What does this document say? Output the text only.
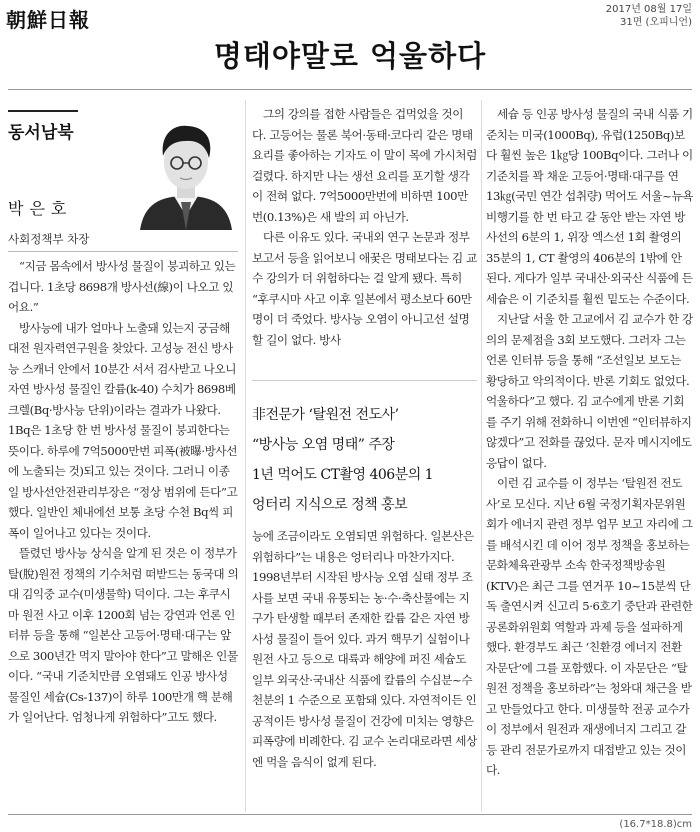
朝鮮日報	2017년 08월 17일
31면 (오피니언)
명태야말로 억울하다
동서남북
박은호
사회정책부 차장

“지금 몸속에서 방사성 물질이 붕괴하고 있는 겁니다. 1초당 8698개 방사선(線)이 나오고 있어요.”

방사능에 내가 얼마나 노출돼 있는지 궁금해 대전 원자력연구원을 찾았다. 고성능 전신 방사능 스캐너 안에서 10분간 서서 검사받고 나오니 자연 방사성 물질인 칼륨(k-40) 수치가 8698베크렐(Bq·방사능 단위)이라는 결과가 나왔다. 1Bq은 1초당 한 번 방사성 물질이 붕괴한다는 뜻이다. 하루에 7억5000만번 피폭(被曝·방사선에 노출되는 것)되고 있는 것이다. 그러니 이종일 방사선안전관리부장은 “정상 범위에 든다”고 했다. 일반인 체내에선 보통 초당 수천 Bq씩 피폭이 일어나고 있다는 것이다.

뜰렸던 방사능 상식을 알게 된 것은 이 정부가 탈(脫)원전 정책의 기수처럼 떠받드는 동국대 의대 김익중 교수(미생물학) 덕이다. 그는 후쿠시마 원전 사고 이후 1200회 넘는 강연과 언론 인터뷰 등을 통해 “일본산 고등어·명태·대구는 앞으로 300년간 먹지 말아야 한다”고 말해온 인물이다. “국내 기준치만큼 오염돼도 인공 방사성 물질인 세슘(Cs-137)이 하루 100만개 핵 분해가 일어난다. 엄청나게 위험하다”고도 했다.

그의 강의를 접한 사람들은 겁먹었을 것이다. 고등어는 물론 북어·동태·코다리 같은 명태 요리를 좋아하는 기자도 이 말이 목에 가시처럼 걸렸다. 하지만 나는 생선 요리를 포기할 생각이 전혀 없다. 7억5000만번에 비하면 100만번(0.13%)은 새 발의 피 아닌가.

다른 이유도 있다. 국내외 연구 논문과 정부 보고서 등을 읽어보니 애꿎은 명태보다는 김 교수 강의가 더 위험하다는 걸 알게 됐다. 특히 “후쿠시마 사고 이후 일본에서 평소보다 60만명이 더 죽었다. 방사능 오염이 아니고선 설명할 길이 없다. 방사

非전문가 ‘탈원전 전도사’
“방사능 오염 명태” 주장
1년 먹어도 CT촬영 406분의 1
엉터리 지식으로 정책 홍보

능에 조금이라도 오염되면 위험하다. 일본산은 위험하다”는 내용은 엉터리나 마찬가지다. 1998년부터 시작된 방사능 오염 실태 정부 조사를 보면 국내 유통되는 농·수·축산물에는 지구가 탄생할 때부터 존재한 칼륨 같은 자연 방사성 물질이 들어 있다. 과거 핵무기 실험이나 원전 사고 등으로 대륙과 해양에 퍼진 세슘도 일부 외국산·국내산 식품에 칼륨의 수십분~수천분의 1 수준으로 포함돼 있다. 자연적이든 인공적이든 방사성 물질이 건강에 미치는 영향은 피폭량에 비례한다. 김 교수 논리대로라면 세상엔 먹을 음식이 없게 된다.

세슘 등 인공 방사성 물질의 국내 식품 기준치는 미국(1000Bq), 유럽(1250Bq)보다 훨씬 높은 1㎏당 100Bq이다. 그러나 이 기준치를 꽉 채운 고등어·명태·대구를 연 13㎏(국민 연간 섭취량) 먹어도 서울~뉴욕 비행기를 한 번 타고 갈 동안 받는 자연 방사선의 6분의 1, 위장 엑스선 1회 촬영의 35분의 1, CT 촬영의 406분의 1밖에 안 된다. 게다가 일부 국내산·외국산 식품에 든 세슘은 이 기준치를 훨씬 밑도는 수준이다.

지난달 서울 한 고교에서 김 교수가 한 강의의 문제점을 3회 보도했다. 그러자 그는 언론 인터뷰 등을 통해 “조선일보 보도는 황당하고 악의적이다. 반론 기회도 없었다. 억울하다”고 했다. 김 교수에게 반론 기회를 주기 위해 전화하니 이번엔 “인터뷰하지 않겠다”고 전화를 끊었다. 문자 메시지에도 응답이 없다.

이런 김 교수를 이 정부는 ‘탈원전 전도사’로 모신다. 지난 6월 국정기획자문위원회가 에너지 관련 정부 업무 보고 자리에 그를 배석시킨 데 이어 정부 정책을 홍보하는 문화체육관광부 소속 한국정책방송원(KTV)은 최근 그를 연거푸 10~15분씩 단독 출연시켜 신고리 5·6호기 중단과 관련한 공론화위원회 역할과 과제 등을 설파하게 했다. 환경부도 최근 ‘친환경 에너지 전환 자문단’에 그를 포함했다. 이 자문단은 “탈원전 정책을 홍보하라”는 청와대 채근을 받고 만들었다고 한다. 미생물학 전공 교수가 이 정부에서 원전과 재생에너지 그리고 갈등 관리 전문가로까지 대접받고 있는 것이다.

(16.7*18.8)cm
